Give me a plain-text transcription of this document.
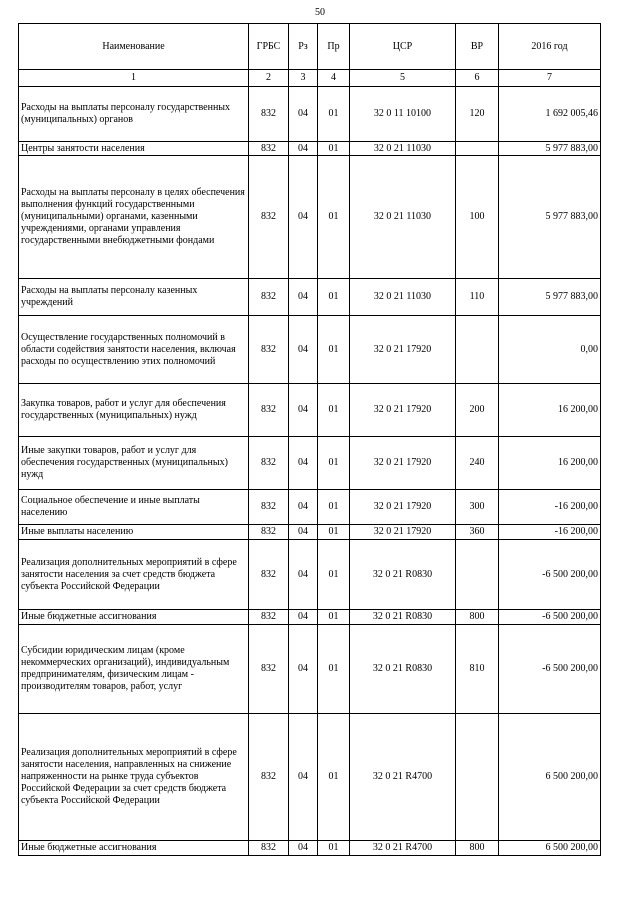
50
Наименование	ГРБС	Рз	Пр	ЦСР	ВР	2016 год
1	2	3	4	5	6	7
Расходы на выплаты персоналу государственных (муниципальных) органов	832	04	01	32 0 11 10100	120	1 692 005,46
Центры занятости населения	832	04	01	32 0 21 11030		5 977 883,00
Расходы на выплаты персоналу в целях обеспечения выполнения функций государственными (муниципальными) органами, казенными учреждениями, органами управления государственными внебюджетными фондами	832	04	01	32 0 21 11030	100	5 977 883,00
Расходы на выплаты персоналу казенных учреждений	832	04	01	32 0 21 11030	110	5 977 883,00
Осуществление государственных полномочий в области содействия занятости населения, включая расходы по осуществлению этих полномочий	832	04	01	32 0 21 17920		0,00
Закупка товаров, работ и услуг для обеспечения государственных (муниципальных) нужд	832	04	01	32 0 21 17920	200	16 200,00
Иные закупки товаров, работ и услуг для обеспечения государственных (муниципальных) нужд	832	04	01	32 0 21 17920	240	16 200,00
Социальное обеспечение и иные выплаты населению	832	04	01	32 0 21 17920	300	-16 200,00
Иные выплаты населению	832	04	01	32 0 21 17920	360	-16 200,00
Реализация дополнительных мероприятий в сфере занятости населения за счет средств бюджета субъекта Российской Федерации	832	04	01	32 0 21 R0830		-6 500 200,00
Иные бюджетные ассигнования	832	04	01	32 0 21 R0830	800	-6 500 200,00
Субсидии юридическим лицам (кроме некоммерческих организаций), индивидуальным предпринимателям, физическим лицам - производителям товаров, работ, услуг	832	04	01	32 0 21 R0830	810	-6 500 200,00
Реализация дополнительных мероприятий в сфере занятости населения, направленных на снижение напряженности на рынке труда субъектов Российской Федерации за счет средств бюджета субъекта Российской Федерации	832	04	01	32 0 21 R4700		6 500 200,00
Иные бюджетные ассигнования	832	04	01	32 0 21 R4700	800	6 500 200,00
